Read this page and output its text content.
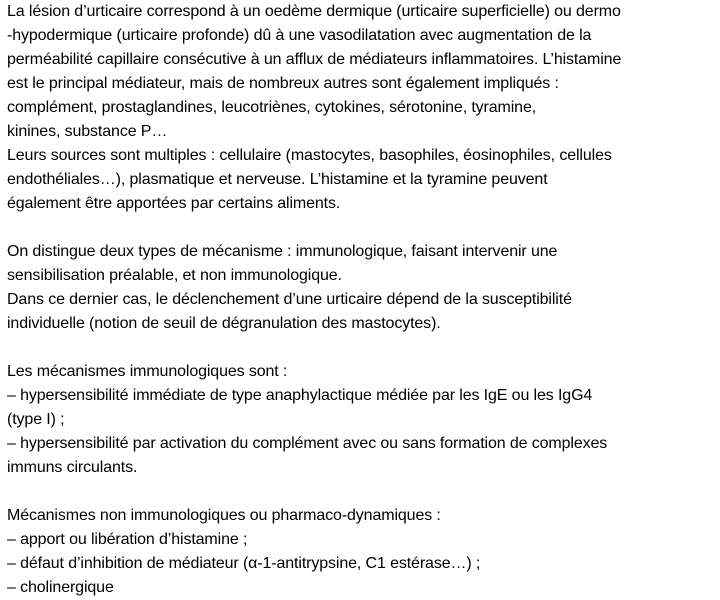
La lésion d’urticaire correspond à un oedème dermique (urticaire superficielle) ou dermo
-hypodermique (urticaire profonde) dû à une vasodilatation avec augmentation de la
perméabilité capillaire consécutive à un afflux de médiateurs inflammatoires. L’histamine
est le principal médiateur, mais de nombreux autres sont également impliqués :
complément, prostaglandines, leucotriènes, cytokines, sérotonine, tyramine,
kinines, substance P…
Leurs sources sont multiples : cellulaire (mastocytes, basophiles, éosinophiles, cellules
endothéliales…), plasmatique et nerveuse. L’histamine et la tyramine peuvent
également être apportées par certains aliments.
On distingue deux types de mécanisme : immunologique, faisant intervenir une
sensibilisation préalable, et non immunologique.
Dans ce dernier cas, le déclenchement d’une urticaire dépend de la susceptibilité
individuelle (notion de seuil de dégranulation des mastocytes).
Les mécanismes immunologiques sont :
– hypersensibilité immédiate de type anaphylactique médiée par les IgE ou les IgG4
(type I) ;
– hypersensibilité par activation du complément avec ou sans formation de complexes
immuns circulants.
Mécanismes non immunologiques ou pharmaco-dynamiques :
– apport ou libération d’histamine ;
– défaut d’inhibition de médiateur (α-1-antitrypsine, C1 estérase…) ;
– cholinergique
